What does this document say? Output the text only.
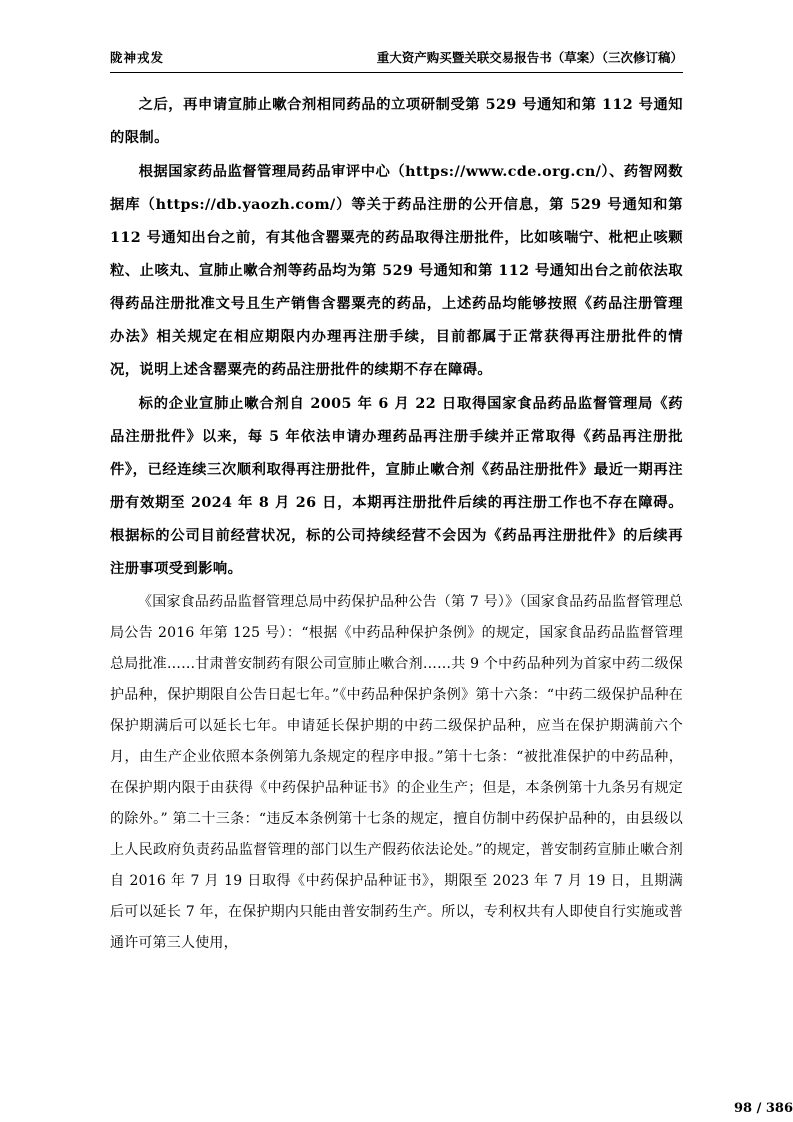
陇神戎发	重大资产购买暨关联交易报告书（草案）（三次修订稿）

之后，再申请宣肺止嗽合剂相同药品的立项研制受第 529 号通知和第 112 号通知的限制。

根据国家药品监督管理局药品审评中心（https://www.cde.org.cn/）、药智网数据库（https://db.yaozh.com/）等关于药品注册的公开信息，第 529 号通知和第 112 号通知出台之前，有其他含罂粟壳的药品取得注册批件，比如咳喘宁、枇杷止咳颗粒、止咳丸、宣肺止嗽合剂等药品均为第 529 号通知和第 112 号通知出台之前依法取得药品注册批准文号且生产销售含罂粟壳的药品，上述药品均能够按照《药品注册管理办法》相关规定在相应期限内办理再注册手续，目前都属于正常获得再注册批件的情况，说明上述含罂粟壳的药品注册批件的续期不存在障碍。

标的企业宣肺止嗽合剂自 2005 年 6 月 22 日取得国家食品药品监督管理局《药品注册批件》以来，每 5 年依法申请办理药品再注册手续并正常取得《药品再注册批件》，已经连续三次顺利取得再注册批件，宣肺止嗽合剂《药品注册批件》最近一期再注册有效期至 2024 年 8 月 26 日，本期再注册批件后续的再注册工作也不存在障碍。根据标的公司目前经营状况，标的公司持续经营不会因为《药品再注册批件》的后续再注册事项受到影响。

《国家食品药品监督管理总局中药保护品种公告（第 7 号）》（国家食品药品监督管理总局公告 2016 年第 125 号）：“根据《中药品种保护条例》的规定，国家食品药品监督管理总局批准……甘肃普安制药有限公司宣肺止嗽合剂……共 9 个中药品种列为首家中药二级保护品种，保护期限自公告日起七年。”《中药品种保护条例》第十六条：“中药二级保护品种在保护期满后可以延长七年。申请延长保护期的中药二级保护品种，应当在保护期满前六个月，由生产企业依照本条例第九条规定的程序申报。”第十七条：“被批准保护的中药品种，在保护期内限于由获得《中药保护品种证书》的企业生产；但是，本条例第十九条另有规定的除外。” 第二十三条：“违反本条例第十七条的规定，擅自仿制中药保护品种的，由县级以上人民政府负责药品监督管理的部门以生产假药依法论处。”的规定，普安制药宣肺止嗽合剂自 2016 年 7 月 19 日取得《中药保护品种证书》，期限至 2023 年 7 月 19 日，且期满后可以延长 7 年，在保护期内只能由普安制药生产。所以，专利权共有人即使自行实施或普通许可第三人使用，

98 / 386
